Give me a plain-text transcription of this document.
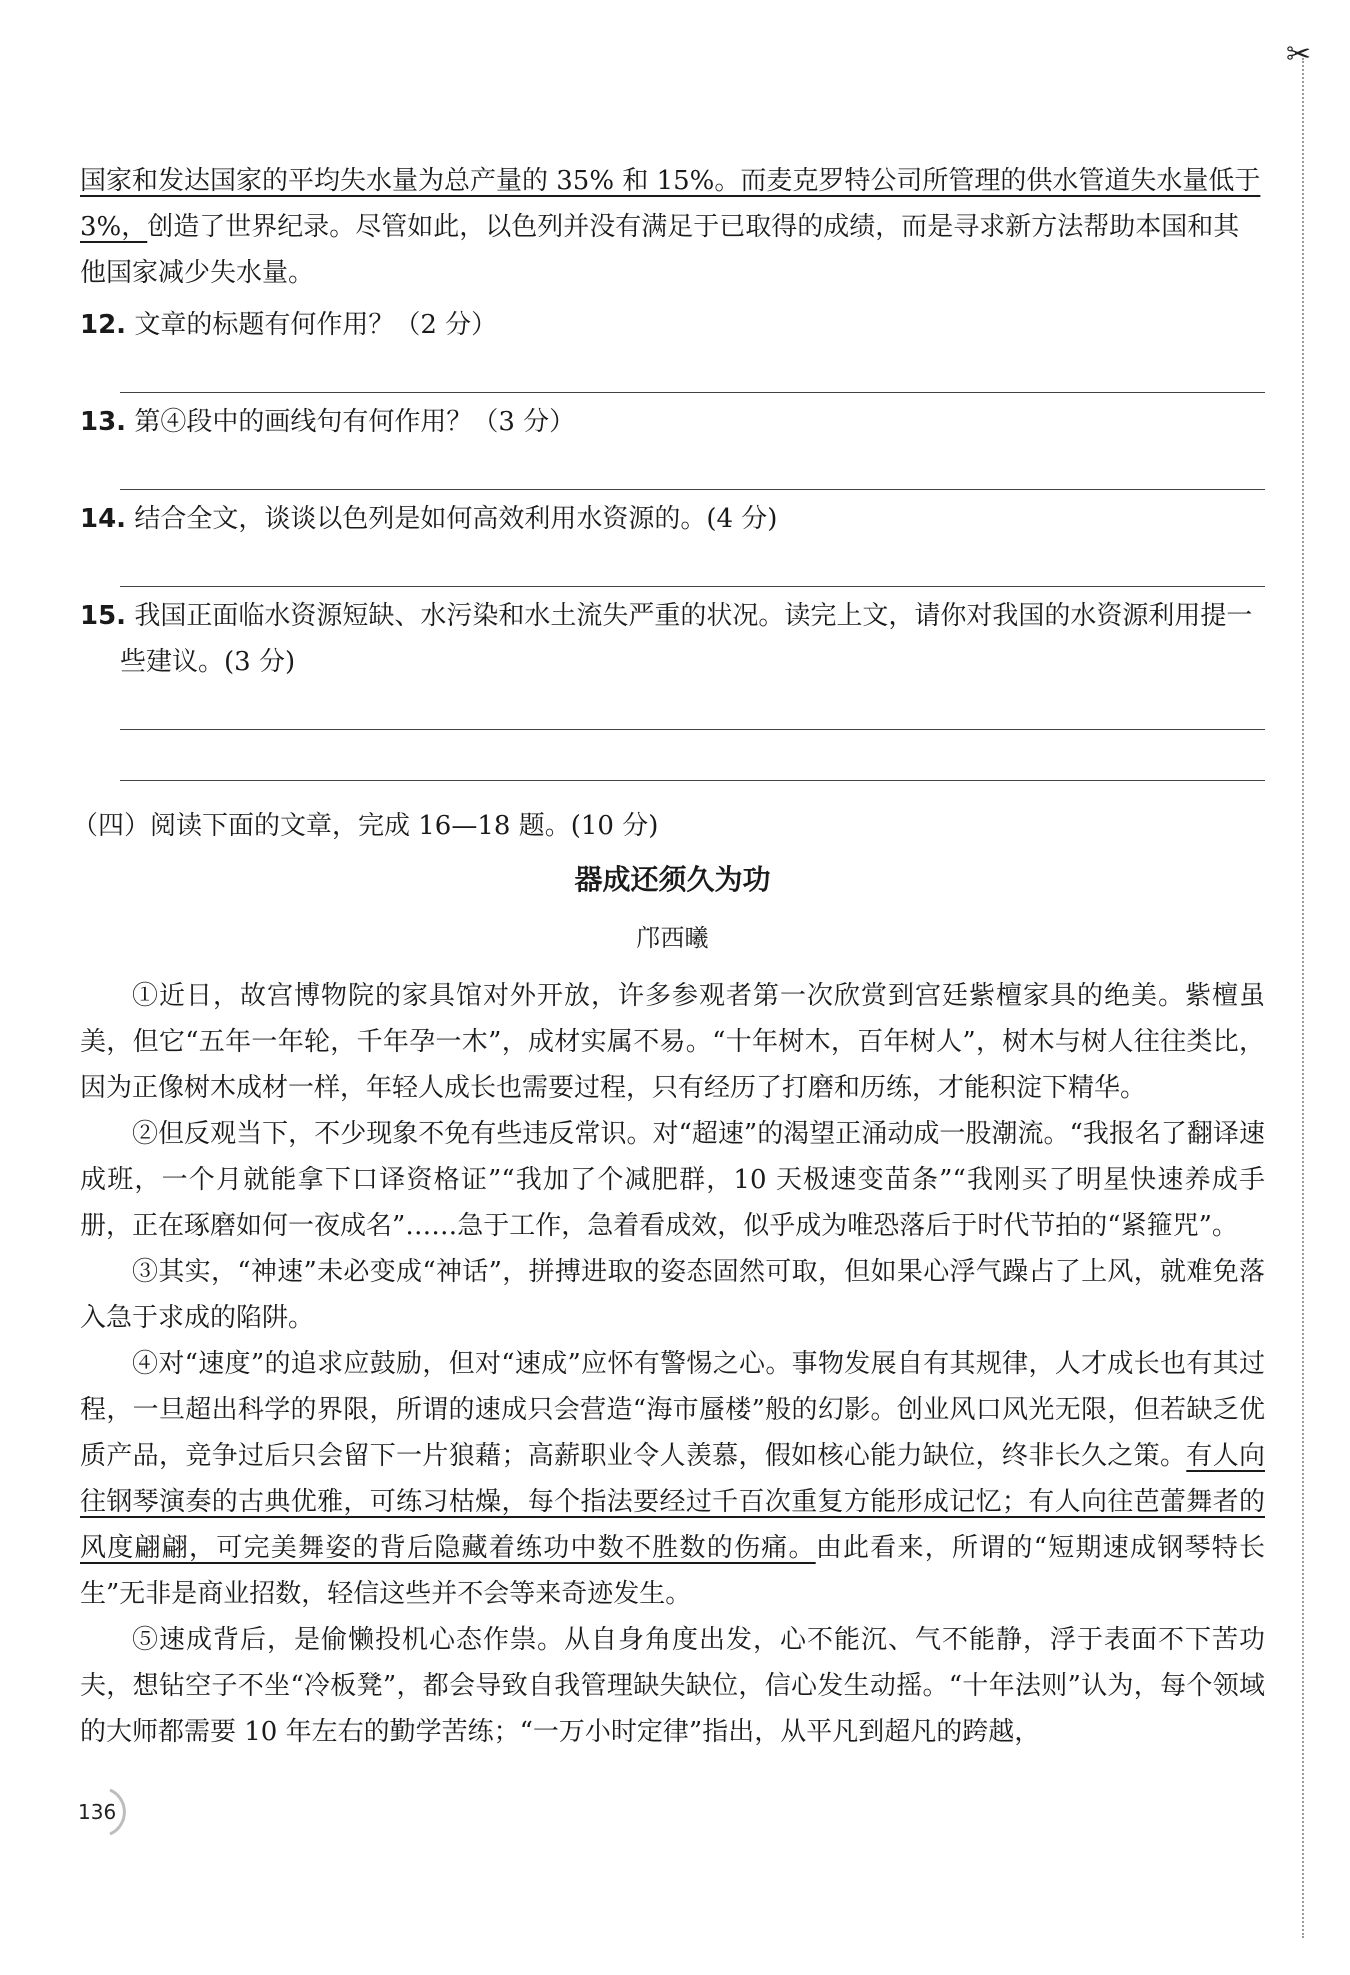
✂

国家和发达国家的平均失水量为总产量的 35% 和 15%。而麦克罗特公司所管理的供水管道失水量低于 3%，创造了世界纪录。尽管如此，以色列并没有满足于已取得的成绩，而是寻求新方法帮助本国和其他国家减少失水量。

12. 文章的标题有何作用？（2 分）

13. 第④段中的画线句有何作用？（3 分）

14. 结合全文，谈谈以色列是如何高效利用水资源的。(4 分)

15. 我国正面临水资源短缺、水污染和水土流失严重的状况。读完上文，请你对我国的水资源利用提一些建议。(3 分)

（四）阅读下面的文章，完成 16—18 题。(10 分)

器成还须久为功

邝西曦

①近日，故宫博物院的家具馆对外开放，许多参观者第一次欣赏到宫廷紫檀家具的绝美。紫檀虽美，但它“五年一年轮，千年孕一木”，成材实属不易。“十年树木，百年树人”，树木与树人往往类比，因为正像树木成材一样，年轻人成长也需要过程，只有经历了打磨和历练，才能积淀下精华。

②但反观当下，不少现象不免有些违反常识。对“超速”的渴望正涌动成一股潮流。“我报名了翻译速成班，一个月就能拿下口译资格证”“我加了个减肥群，10 天极速变苗条”“我刚买了明星快速养成手册，正在琢磨如何一夜成名”……急于工作，急着看成效，似乎成为唯恐落后于时代节拍的“紧箍咒”。

③其实，“神速”未必变成“神话”，拼搏进取的姿态固然可取，但如果心浮气躁占了上风，就难免落入急于求成的陷阱。

④对“速度”的追求应鼓励，但对“速成”应怀有警惕之心。事物发展自有其规律，人才成长也有其过程，一旦超出科学的界限，所谓的速成只会营造“海市蜃楼”般的幻影。创业风口风光无限，但若缺乏优质产品，竞争过后只会留下一片狼藉；高薪职业令人羡慕，假如核心能力缺位，终非长久之策。有人向往钢琴演奏的古典优雅，可练习枯燥，每个指法要经过千百次重复方能形成记忆；有人向往芭蕾舞者的风度翩翩，可完美舞姿的背后隐藏着练功中数不胜数的伤痛。由此看来，所谓的“短期速成钢琴特长生”无非是商业招数，轻信这些并不会等来奇迹发生。

⑤速成背后，是偷懒投机心态作祟。从自身角度出发，心不能沉、气不能静，浮于表面不下苦功夫，想钻空子不坐“冷板凳”，都会导致自我管理缺失缺位，信心发生动摇。“十年法则”认为，每个领域的大师都需要 10 年左右的勤学苦练；“一万小时定律”指出，从平凡到超凡的跨越，

136
